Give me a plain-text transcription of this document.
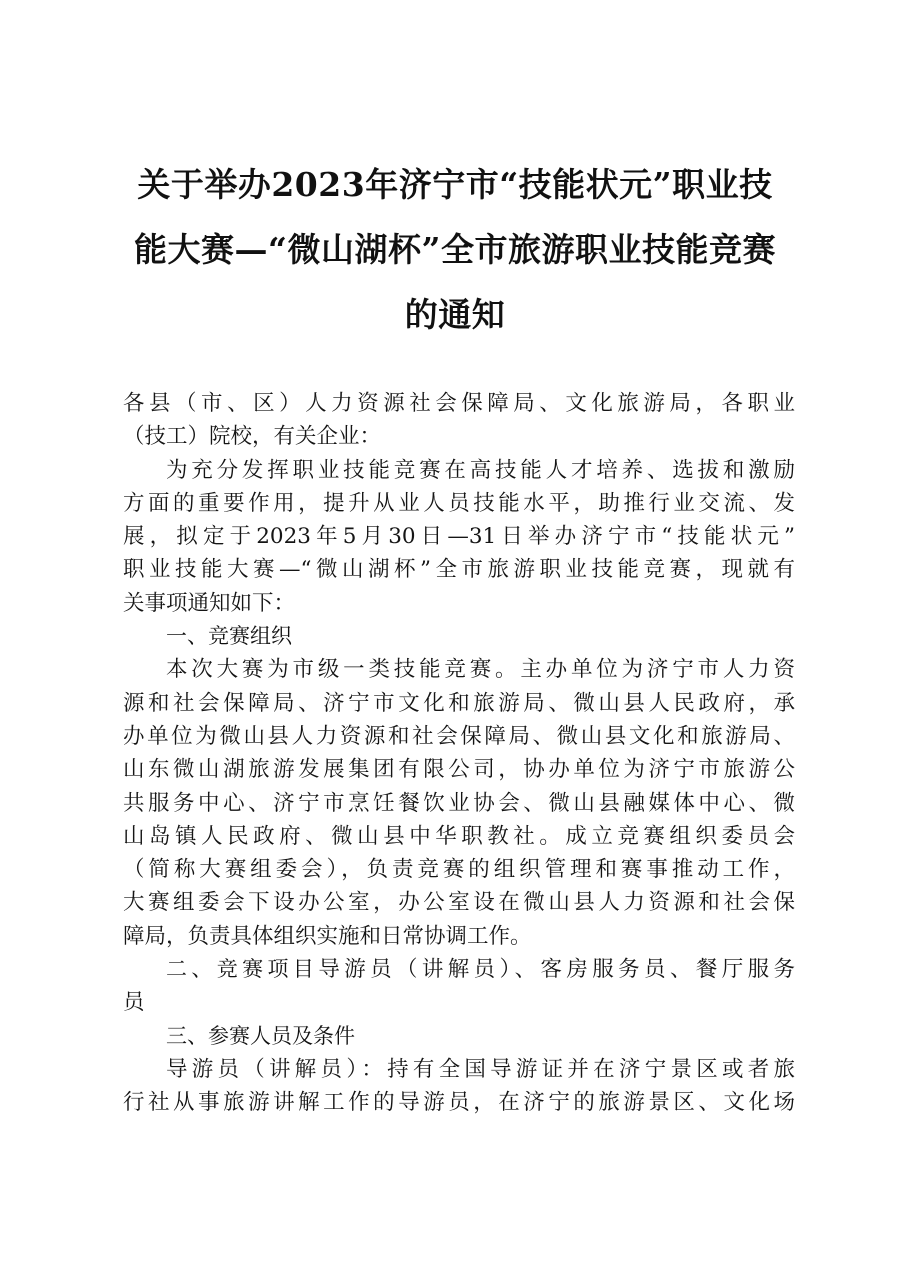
关于举办2023年济宁市“技能状元”职业技
能大赛—“微山湖杯”全市旅游职业技能竞赛
的通知
各县（市、区）人力资源社会保障局、文化旅游局，各职业
（技工）院校，有关企业：
为充分发挥职业技能竞赛在高技能人才培养、选拔和激励
方面的重要作用，提升从业人员技能水平，助推行业交流、发
展，拟定于2023年5月30日—31日举办济宁市“技能状元”
职业技能大赛—“微山湖杯”全市旅游职业技能竞赛，现就有
关事项通知如下：
一、竞赛组织
本次大赛为市级一类技能竞赛。主办单位为济宁市人力资
源和社会保障局、济宁市文化和旅游局、微山县人民政府，承
办单位为微山县人力资源和社会保障局、微山县文化和旅游局、
山东微山湖旅游发展集团有限公司，协办单位为济宁市旅游公
共服务中心、济宁市烹饪餐饮业协会、微山县融媒体中心、微
山岛镇人民政府、微山县中华职教社。成立竞赛组织委员会
（简称大赛组委会），负责竞赛的组织管理和赛事推动工作，
大赛组委会下设办公室，办公室设在微山县人力资源和社会保
障局，负责具体组织实施和日常协调工作。
二、竞赛项目导游员（讲解员）、客房服务员、餐厅服务
员
三、参赛人员及条件
导游员（讲解员）：持有全国导游证并在济宁景区或者旅
行社从事旅游讲解工作的导游员，在济宁的旅游景区、文化场
